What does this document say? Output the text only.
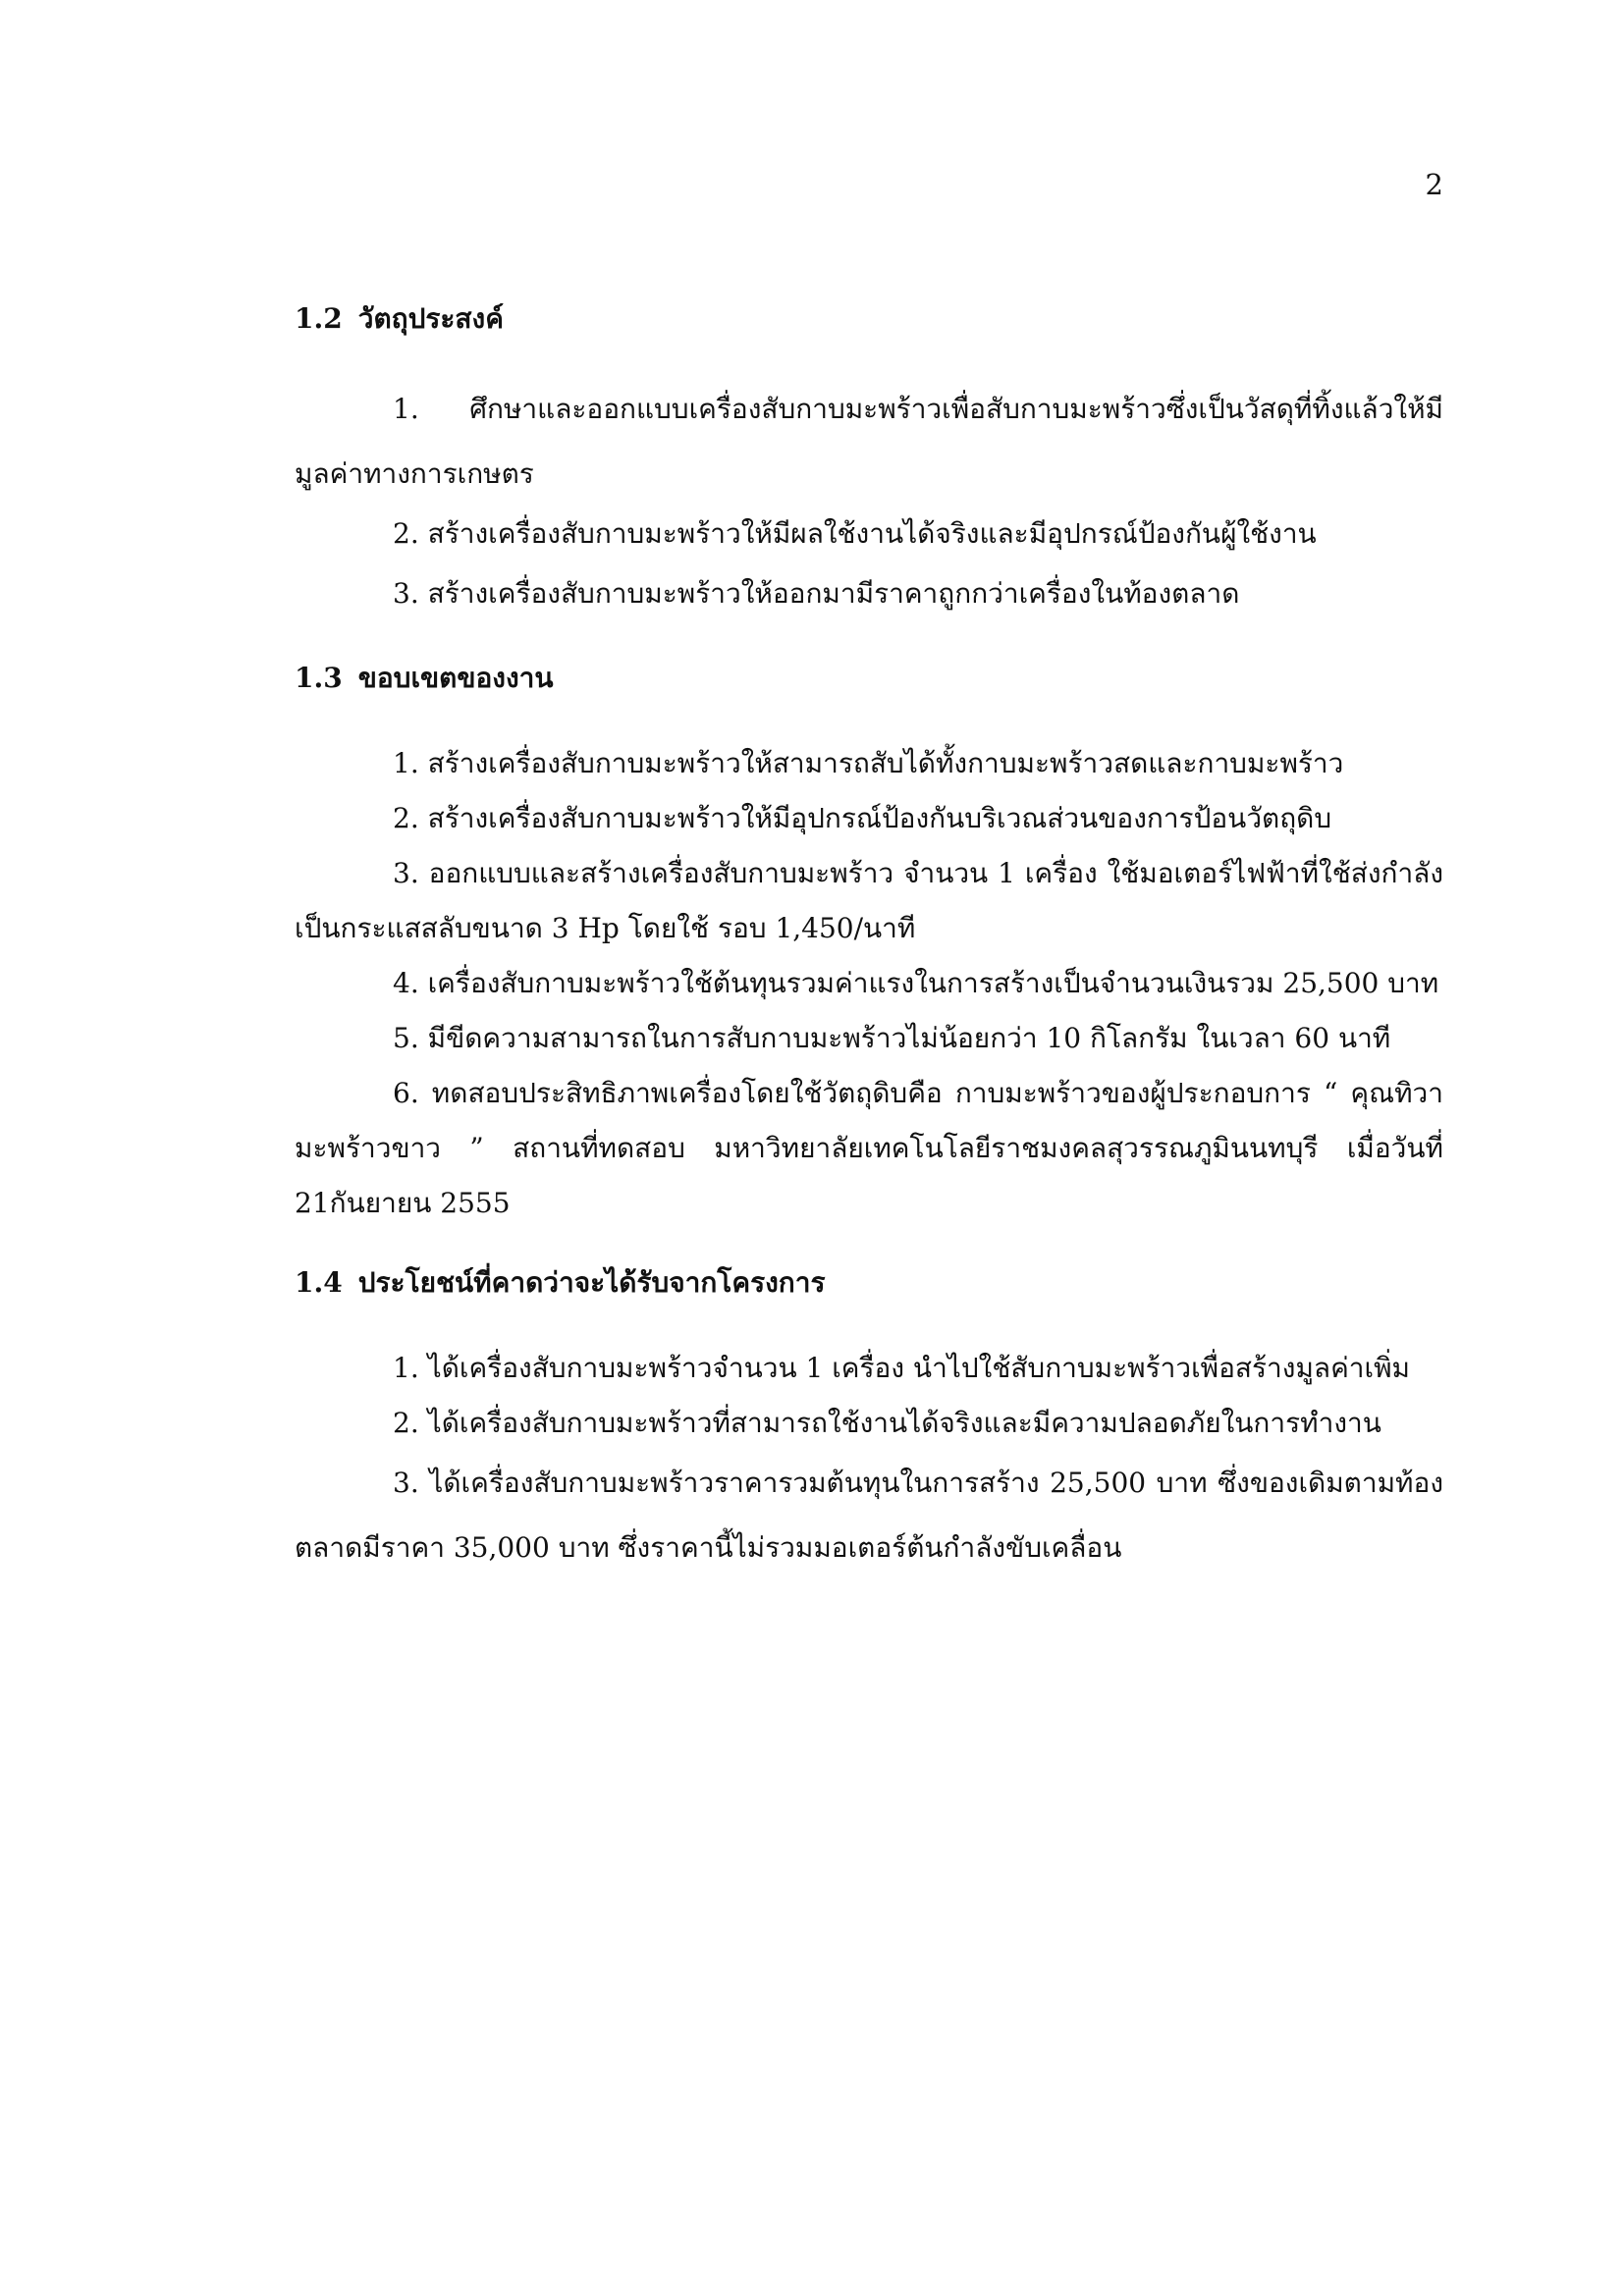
2
1.2 วัตถุประสงค์

1. ศึกษาและออกแบบเครื่องสับกาบมะพร้าวเพื่อสับกาบมะพร้าวซึ่งเป็นวัสดุที่ทิ้งแล้วให้มีมูลค่าทางการเกษตร

2. สร้างเครื่องสับกาบมะพร้าวให้มีผลใช้งานได้จริงและมีอุปกรณ์ป้องกันผู้ใช้งาน

3. สร้างเครื่องสับกาบมะพร้าวให้ออกมามีราคาถูกกว่าเครื่องในท้องตลาด

1.3 ขอบเขตของงาน

1. สร้างเครื่องสับกาบมะพร้าวให้สามารถสับได้ทั้งกาบมะพร้าวสดและกาบมะพร้าว

2. สร้างเครื่องสับกาบมะพร้าวให้มีอุปกรณ์ป้องกันบริเวณส่วนของการป้อนวัตถุดิบ

3. ออกแบบและสร้างเครื่องสับกาบมะพร้าว จำนวน 1 เครื่อง ใช้มอเตอร์ไฟฟ้าที่ใช้ส่งกำลังเป็นกระแสสลับขนาด 3 Hp โดยใช้ รอบ 1,450/นาที

4. เครื่องสับกาบมะพร้าวใช้ต้นทุนรวมค่าแรงในการสร้างเป็นจำนวนเงินรวม 25,500 บาท

5. มีขีดความสามารถในการสับกาบมะพร้าวไม่น้อยกว่า 10 กิโลกรัม ในเวลา 60 นาที

6. ทดสอบประสิทธิภาพเครื่องโดยใช้วัตถุดิบคือ กาบมะพร้าวของผู้ประกอบการ “ คุณทิวา มะพร้าวขาว ” สถานที่ทดสอบ มหาวิทยาลัยเทคโนโลยีราชมงคลสุวรรณภูมินนทบุรี เมื่อวันที่ 21กันยายน 2555

1.4 ประโยชน์ที่คาดว่าจะได้รับจากโครงการ

1. ได้เครื่องสับกาบมะพร้าวจำนวน 1 เครื่อง นำไปใช้สับกาบมะพร้าวเพื่อสร้างมูลค่าเพิ่ม

2. ได้เครื่องสับกาบมะพร้าวที่สามารถใช้งานได้จริงและมีความปลอดภัยในการทำงาน

3. ได้เครื่องสับกาบมะพร้าวราคารวมต้นทุนในการสร้าง 25,500 บาท ซึ่งของเดิมตามท้องตลาดมีราคา 35,000 บาท ซึ่งราคานี้ไม่รวมมอเตอร์ต้นกำลังขับเคลื่อน
